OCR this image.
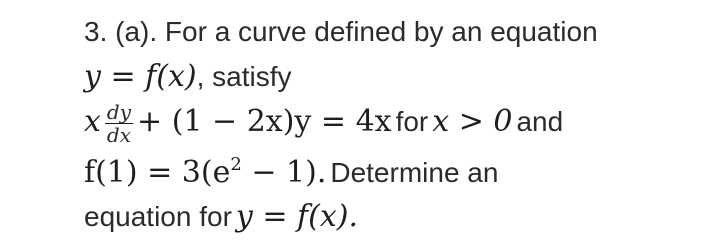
3. (a). For a curve defined by an equation
y = f(x), satisfy
x $\frac{dy}{dx} + (1 - 2x)y = 4x$ for x > 0 and
$f(1) = 3(e^2 - 1)$. Determine an
equation for y = f(x).
